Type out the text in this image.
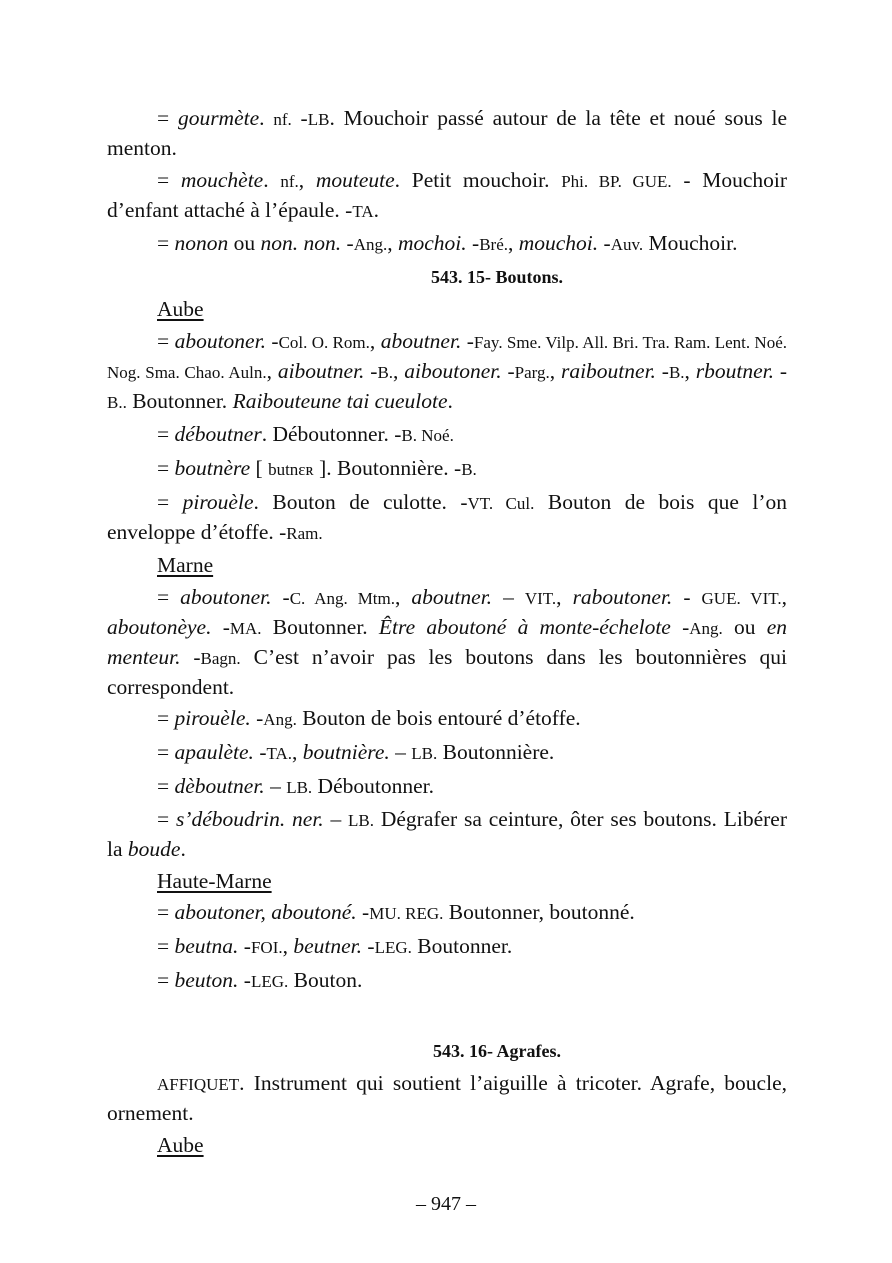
= gourmète. nf. -LB. Mouchoir passé autour de la tête et noué sous le menton.

= mouchète. nf., mouteute. Petit mouchoir. Phi. BP. GUE. - Mouchoir d’enfant attaché à l’épaule. -TA.

= nonon ou non. non. -Ang., mochoi. -Bré., mouchoi. -Auv. Mouchoir.

543. 15- Boutons.
Aube

= aboutoner. -Col. O. Rom., aboutner. -Fay. Sme. Vilp. All. Bri. Tra. Ram. Lent. Noé. Nog. Sma. Chao. Auln., aiboutner. -B., aiboutoner. -Parg., raiboutner. -B., rboutner. -B.. Boutonner. Raibouteune tai cueulote.

= déboutner. Déboutonner. -B. Noé.

= boutnère [ butnɛʀ ]. Boutonnière. -B.

= pirouèle. Bouton de culotte. -VT. Cul. Bouton de bois que l’on enveloppe d’étoffe. -Ram.

Marne

= aboutoner. -C. Ang. Mtm., aboutner. – VIT., raboutoner. - GUE. VIT., aboutonèye. -MA. Boutonner. Être aboutoné à monte-échelote -Ang. ou en menteur. -Bagn. C’est n’avoir pas les boutons dans les boutonnières qui correspondent.

= pirouèle. -Ang. Bouton de bois entouré d’étoffe.

= apaulète. -TA., boutnière. – LB. Boutonnière.

= dèboutner. – LB. Déboutonner.

= s’déboudrin. ner. – LB. Dégrafer sa ceinture, ôter ses boutons. Libérer la boude.

Haute-Marne

= aboutoner, aboutoné. -MU. REG. Boutonner, boutonné.

= beutna. -FOI., beutner. -LEG. Boutonner.

= beuton. -LEG. Bouton.

543. 16- Agrafes.

AFFIQUET. Instrument qui soutient l’aiguille à tricoter. Agrafe, boucle, ornement.

Aube
– 947 –
